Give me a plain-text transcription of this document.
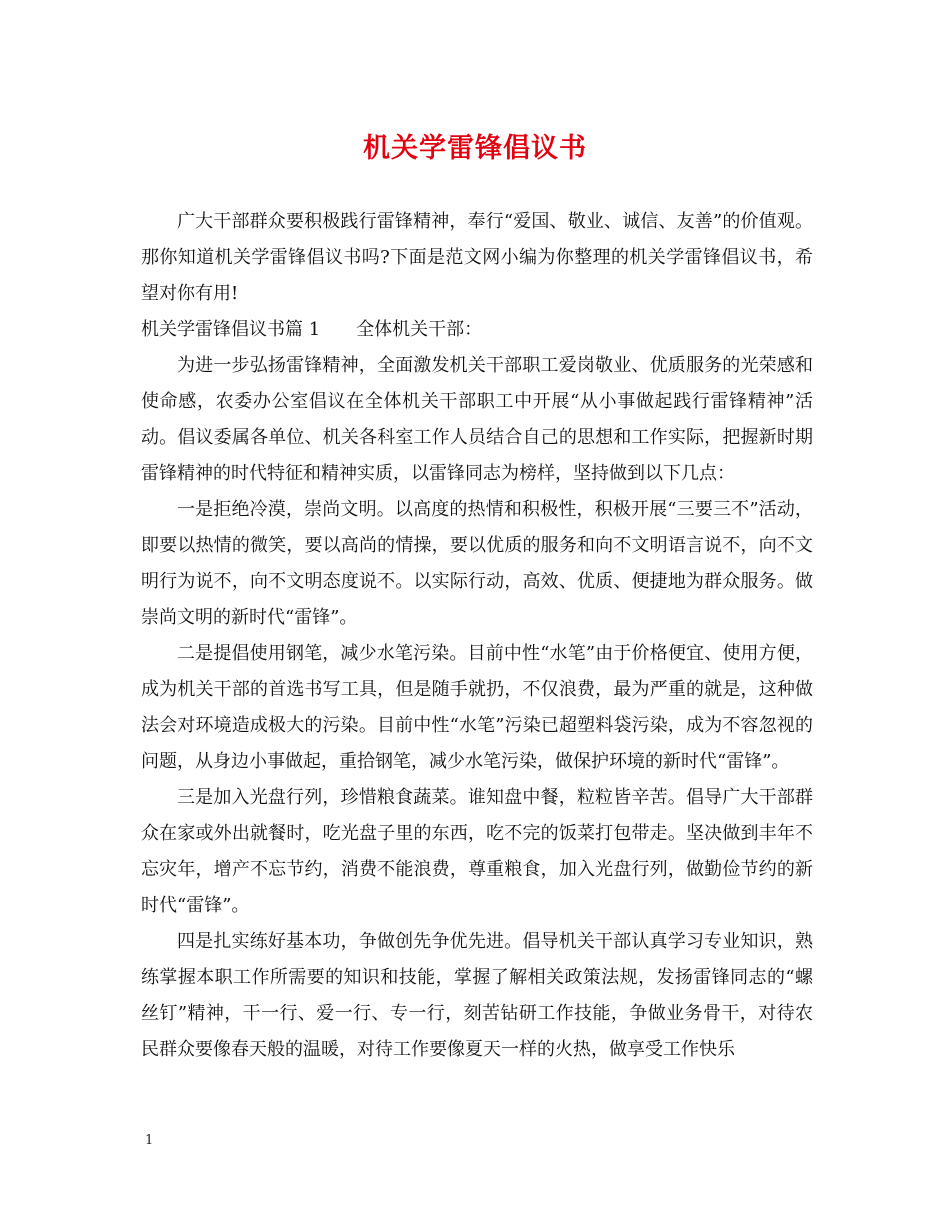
机关学雷锋倡议书

广大干部群众要积极践行雷锋精神，奉行“爱国、敬业、诚信、友善”的价值观。那你知道机关学雷锋倡议书吗?下面是范文网小编为你整理的机关学雷锋倡议书，希望对你有用!

机关学雷锋倡议书篇 1 全体机关干部：

为进一步弘扬雷锋精神，全面激发机关干部职工爱岗敬业、优质服务的光荣感和使命感，农委办公室倡议在全体机关干部职工中开展“从小事做起践行雷锋精神”活动。倡议委属各单位、机关各科室工作人员结合自己的思想和工作实际，把握新时期雷锋精神的时代特征和精神实质，以雷锋同志为榜样，坚持做到以下几点：

一是拒绝冷漠，崇尚文明。以高度的热情和积极性，积极开展“三要三不”活动，即要以热情的微笑，要以高尚的情操，要以优质的服务和向不文明语言说不，向不文明行为说不，向不文明态度说不。以实际行动，高效、优质、便捷地为群众服务。做崇尚文明的新时代“雷锋”。

二是提倡使用钢笔，减少水笔污染。目前中性“水笔”由于价格便宜、使用方便，成为机关干部的首选书写工具，但是随手就扔，不仅浪费，最为严重的就是，这种做法会对环境造成极大的污染。目前中性“水笔”污染已超塑料袋污染，成为不容忽视的问题，从身边小事做起，重拾钢笔，减少水笔污染，做保护环境的新时代“雷锋”。

三是加入光盘行列，珍惜粮食蔬菜。谁知盘中餐，粒粒皆辛苦。倡导广大干部群众在家或外出就餐时，吃光盘子里的东西，吃不完的饭菜打包带走。坚决做到丰年不忘灾年，增产不忘节约，消费不能浪费，尊重粮食，加入光盘行列，做勤俭节约的新时代“雷锋”。

四是扎实练好基本功，争做创先争优先进。倡导机关干部认真学习专业知识，熟练掌握本职工作所需要的知识和技能，掌握了解相关政策法规，发扬雷锋同志的“螺丝钉”精神，干一行、爱一行、专一行，刻苦钻研工作技能，争做业务骨干，对待农民群众要像春天般的温暖，对待工作要像夏天一样的火热，做享受工作快乐

1
